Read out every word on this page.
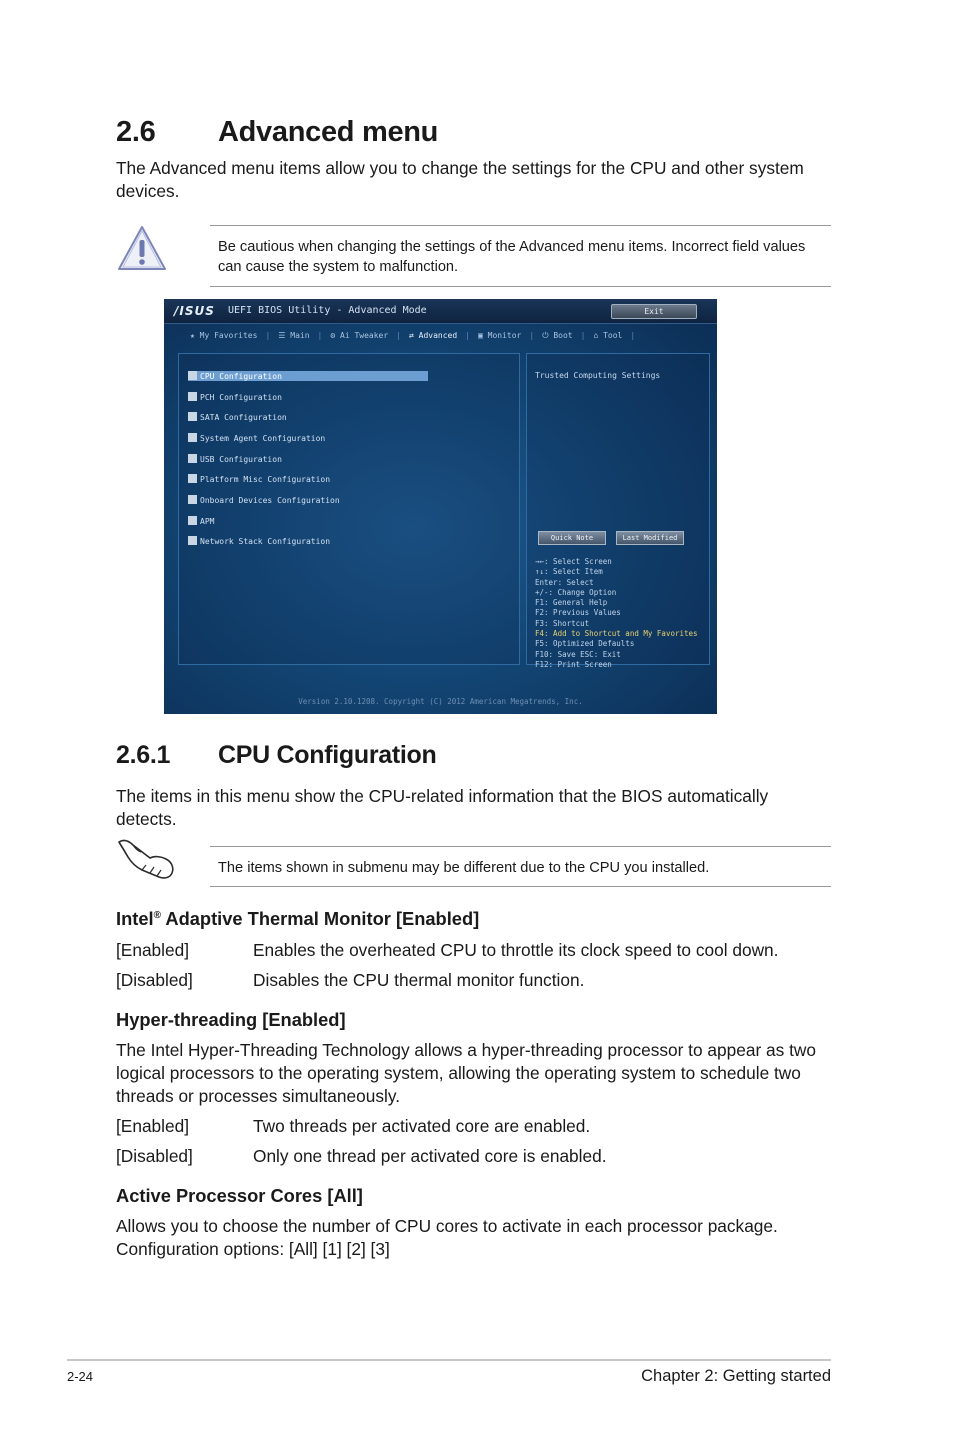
2.6 Advanced menu
The Advanced menu items allow you to change the settings for the CPU and other system devices.
Be cautious when changing the settings of the Advanced menu items. Incorrect field values can cause the system to malfunction.
/ISUS UEFI BIOS Utility - Advanced Mode	Exit
★ My Favorites | ☰ Main | ⚙ Ai Tweaker | ⇄ Advanced | ▣ Monitor | ⏻ Boot | ⌂ Tool |
CPU Configuration
PCH Configuration
SATA Configuration
System Agent Configuration
USB Configuration
Platform Misc Configuration
Onboard Devices Configuration
APM
Network Stack Configuration
Trusted Computing Settings
Quick Note	Last Modified
→←: Select Screen
↑↓: Select Item
Enter: Select
+/-: Change Option
F1: General Help
F2: Previous Values
F3: Shortcut
F4: Add to Shortcut and My Favorites
F5: Optimized Defaults
F10: Save ESC: Exit
F12: Print Screen
Version 2.10.1208. Copyright (C) 2012 American Megatrends, Inc.
2.6.1 CPU Configuration
The items in this menu show the CPU-related information that the BIOS automatically detects.
The items shown in submenu may be different due to the CPU you installed.
Intel® Adaptive Thermal Monitor [Enabled]
[Enabled]	Enables the overheated CPU to throttle its clock speed to cool down.
[Disabled]	Disables the CPU thermal monitor function.
Hyper-threading [Enabled]
The Intel Hyper-Threading Technology allows a hyper-threading processor to appear as two logical processors to the operating system, allowing the operating system to schedule two threads or processes simultaneously.
[Enabled]	Two threads per activated core are enabled.
[Disabled]	Only one thread per activated core is enabled.
Active Processor Cores [All]
Allows you to choose the number of CPU cores to activate in each processor package. Configuration options: [All] [1] [2] [3]
2-24	Chapter 2: Getting started
